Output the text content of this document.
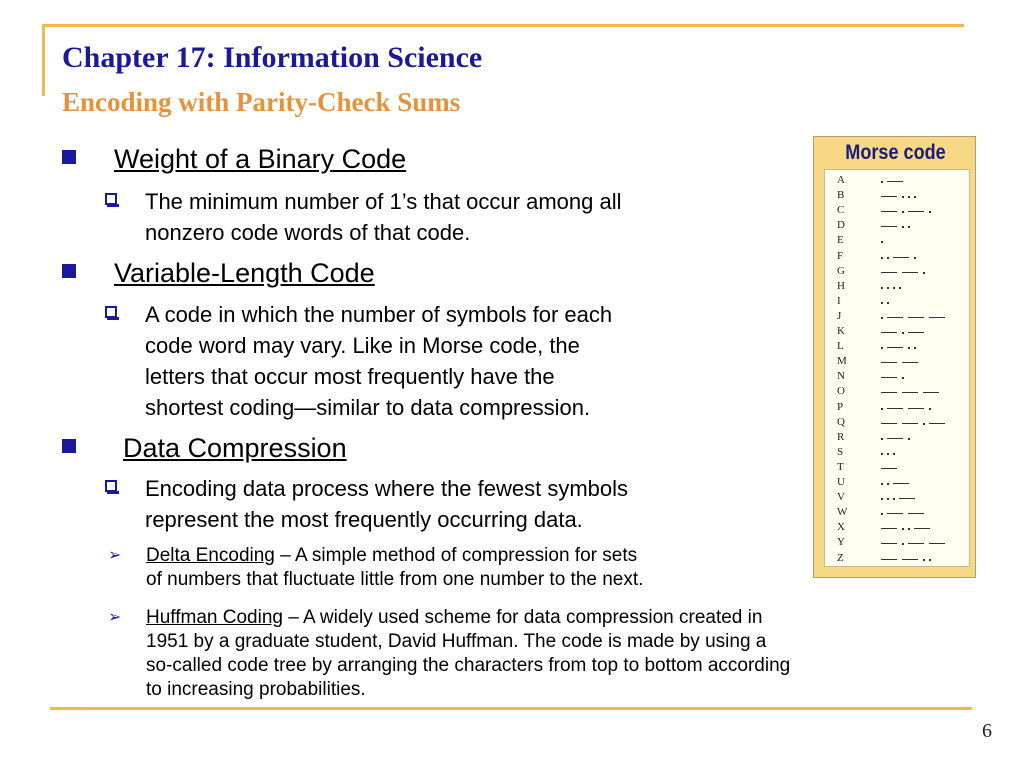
Chapter 17: Information Science
Encoding with Parity-Check Sums
Weight of a Binary Code
The minimum number of 1’s that occur among all
nonzero code words of that code.
Variable-Length Code
A code in which the number of symbols for each
code word may vary. Like in Morse code, the
letters that occur most frequently have the
shortest coding—similar to data compression.
Data Compression
Encoding data process where the fewest symbols
represent the most frequently occurring data.
➢ Delta Encoding – A simple method of compression for sets
of numbers that fluctuate little from one number to the next.
➢ Huffman Coding – A widely used scheme for data compression created in
1951 by a graduate student, David Huffman. The code is made by using a
so-called code tree by arranging the characters from top to bottom according
to increasing probabilities.
Morse code
A
B
C
D
E
F
G
H
I
J
K
L
M
N
O
P
Q
R
S
T
U
V
W
X
Y
Z
6
